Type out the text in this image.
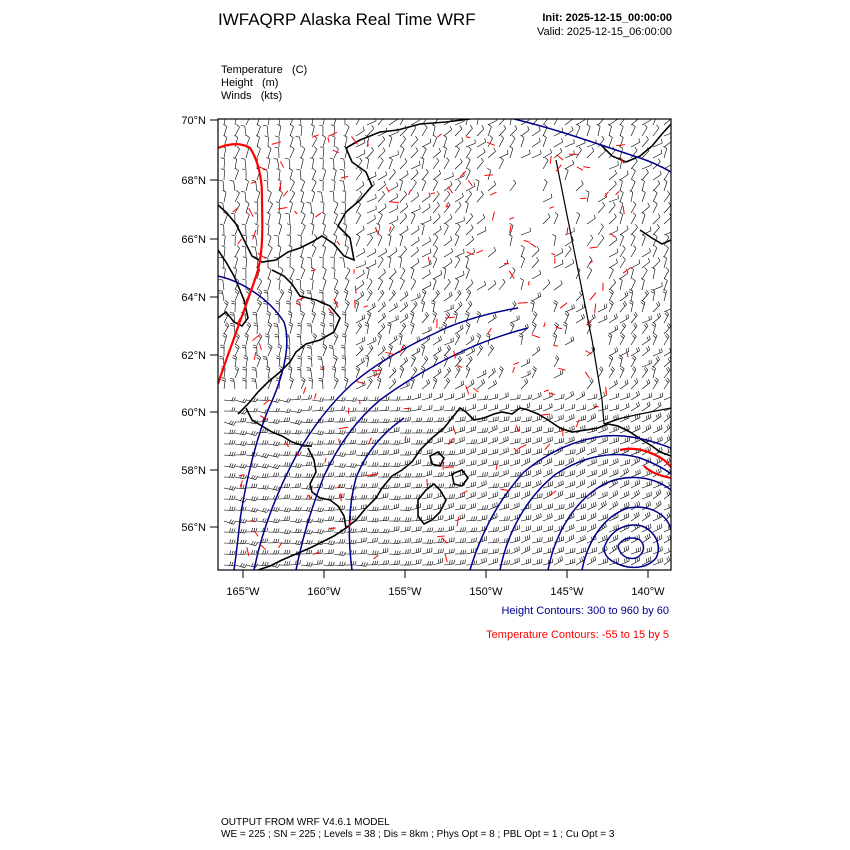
IWFAQRP Alaska Real Time WRF	Init: 2025-12-15_00:00:00
Valid: 2025-12-15_06:00:00
Temperature (C)
Height (m)
Winds (kts)
70°N
68°N
66°N
64°N
62°N
60°N
58°N
56°N
165°W	160°W	155°W	150°W	145°W	140°W
Height Contours: 300 to 960 by 60
Temperature Contours: -55 to 15 by 5
OUTPUT FROM WRF V4.6.1 MODEL
WE = 225 ; SN = 225 ; Levels = 38 ; Dis = 8km ; Phys Opt = 8 ; PBL Opt = 1 ; Cu Opt = 3
